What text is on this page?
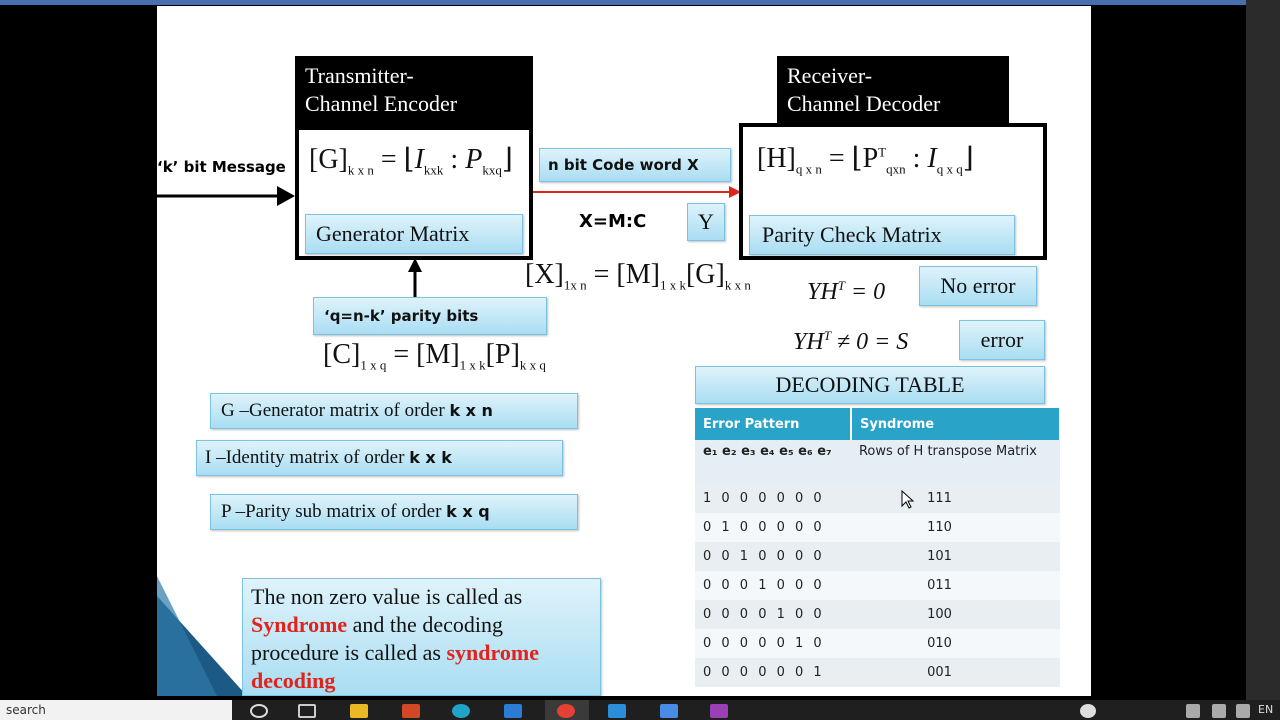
Transmitter-
Channel Encoder
$[G]_{k x n}$ = $⌊I_{kxk}$ : $P_{kxq}⌋$
Generator Matrix
Receiver-
Channel Decoder
$[H]_{q x n}$ = $⌊P^T_{qxn}$ : $I_{q x q}⌋$
Parity Check Matrix
‘k’ bit Message	n bit Code word X
X=M:C	Y
$[X]_{1x n} = [M]_{1 x k}[G]_{k x n}$
‘q=n-k’ parity bits
$[C]_{1 x q} = [M]_{1 x k}[P]_{k x q}$
$YH^T = 0$	No error
$YH^T \ne 0 = S$	error
DECODING TABLE
G –Generator matrix of order k x n
I –Identity matrix of order k x k
P –Parity sub matrix of order k x q
The non zero value is called as Syndrome and the decoding procedure is called as syndrome decoding
Error Pattern	Syndrome
e₁ e₂ e₃ e₄ e₅ e₆ e₇	Rows of H transpose Matrix
1 0 0 0 0 0 0	111
0 1 0 0 0 0 0	110
0 0 1 0 0 0 0	101
0 0 0 1 0 0 0	011
0 0 0 0 1 0 0	100
0 0 0 0 0 1 0	010
0 0 0 0 0 0 1	001
search	EN
